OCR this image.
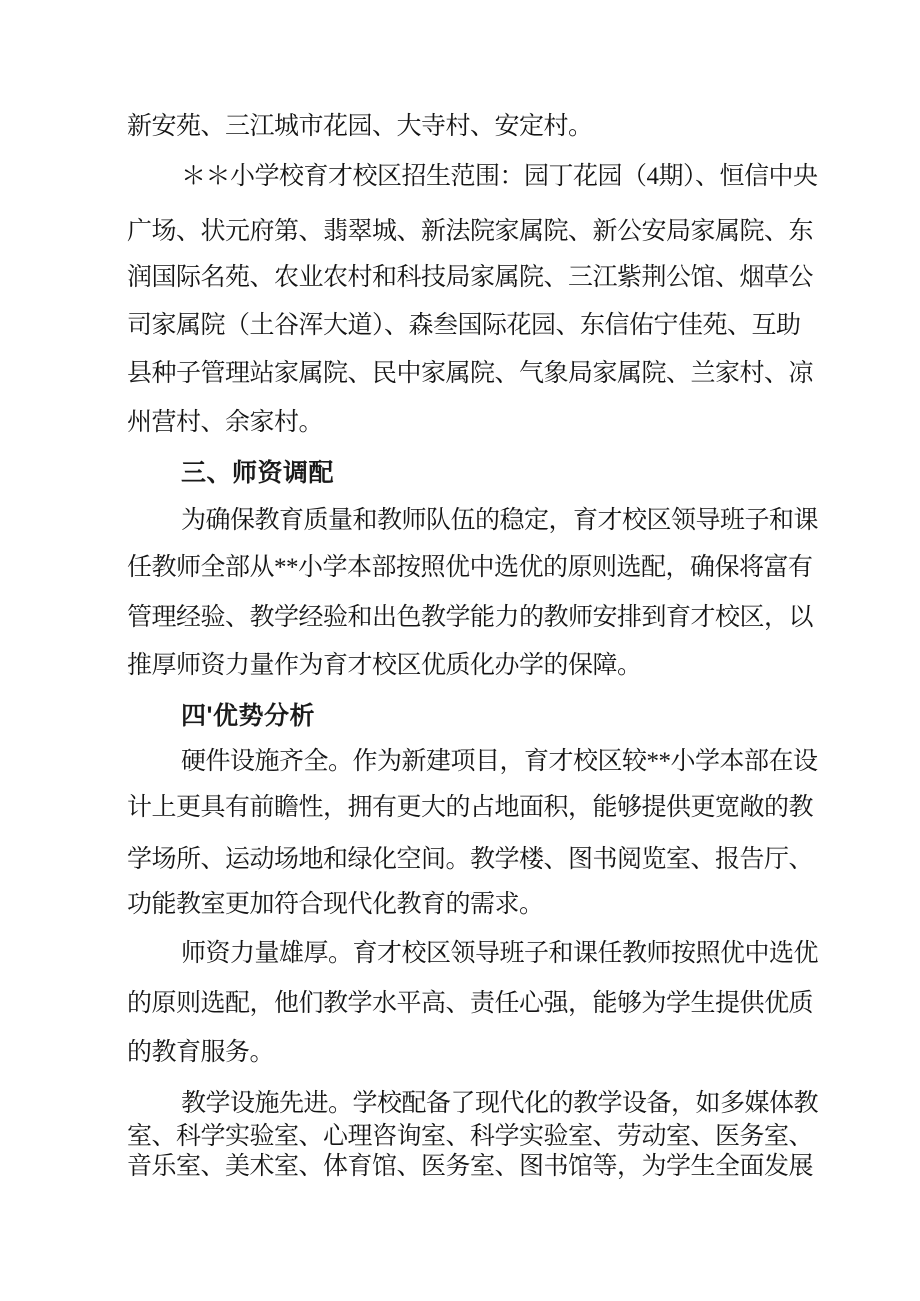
新安苑、三江城市花园、大寺村、安定村。
＊＊小学校育才校区招生范围：园丁花园（4期）、恒信中央
广场、状元府第、翡翠城、新法院家属院、新公安局家属院、东
润国际名苑、农业农村和科技局家属院、三江紫荆公馆、烟草公
司家属院（土谷浑大道）、森叁国际花园、东信佑宁佳苑、互助
县种子管理站家属院、民中家属院、气象局家属院、兰家村、凉
州营村、余家村。
三、师资调配
为确保教育质量和教师队伍的稳定，育才校区领导班子和课
任教师全部从**小学本部按照优中选优的原则选配，确保将富有
管理经验、教学经验和出色教学能力的教师安排到育才校区，以
推厚师资力量作为育才校区优质化办学的保障。
四'优势分析
硬件设施齐全。作为新建项目，育才校区较**小学本部在设
计上更具有前瞻性，拥有更大的占地面积，能够提供更宽敞的教
学场所、运动场地和绿化空间。教学楼、图书阅览室、报告厅、
功能教室更加符合现代化教育的需求。
师资力量雄厚。育才校区领导班子和课任教师按照优中选优
的原则选配，他们教学水平高、责任心强，能够为学生提供优质
的教育服务。
教学设施先进。学校配备了现代化的教学设备，如多媒体教
室、科学实验室、心理咨询室、科学实验室、劳动室、医务室、
音乐室、美术室、体育馆、医务室、图书馆等，为学生全面发展
